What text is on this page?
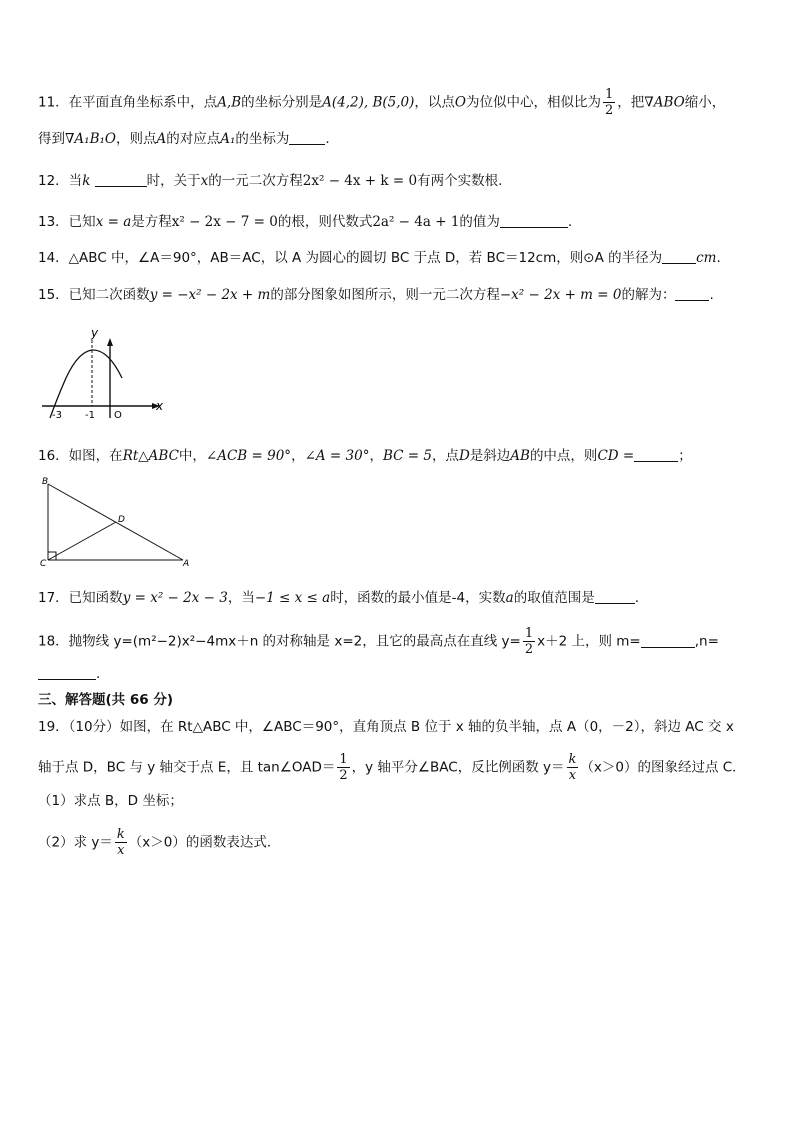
11．在平面直角坐标系中，点A,B的坐标分别是A(4,2), B(5,0)，以点O为位似中心，相似比为 $\frac{1}{2}$ ，把∇ABO缩小，
得到∇A₁B₁O，则点A的对应点A₁的坐标为	.
12．当k	时，关于x的一元二次方程2x² − 4x + k = 0有两个实数根.
13．已知x = a是方程x² − 2x − 7 = 0的根，则代数式2a² − 4a + 1的值为	.
14．△ABC 中，∠A＝90°，AB＝AC，以 A 为圆心的圆切 BC 于点 D，若 BC＝12cm，则⊙A 的半径为	cm.
15．已知二次函数y = −x² − 2x + m的部分图象如图所示，则一元二次方程−x² − 2x + m = 0的解为：	.
y
x
-3 -1 O
16．如图，在Rt△ABC中，∠ACB = 90°，∠A = 30°，BC = 5，点D是斜边AB的中点，则CD =	；
B
D
C	A
17．已知函数y = x² − 2x − 3，当−1 ≤ x ≤ a时，函数的最小值是-4，实数a的取值范围是	.
18．抛物线 y=(m²−2)x²−4mx＋n 的对称轴是 x=2，且它的最高点在直线 $y= \frac{1}{2} x+2$ 上，则 m=	,n=
.
三、解答题(共 66 分)
19．（10分）如图，在 Rt△ABC 中，∠ABC＝90°，直角顶点 B 位于 x 轴的负半轴，点 A（0，－2），斜边 AC 交 x
轴于点 D，BC 与 y 轴交于点 E，且 tan∠OAD＝ $\frac{1}{2}$ ，y 轴平分∠BAC，反比例函数 $y= \frac{k}{x} (x>0)$的图象经过点 C．
（1）求点 B，D 坐标；
（2）求 $y= \frac{k}{x} (x>0)$的函数表达式．
